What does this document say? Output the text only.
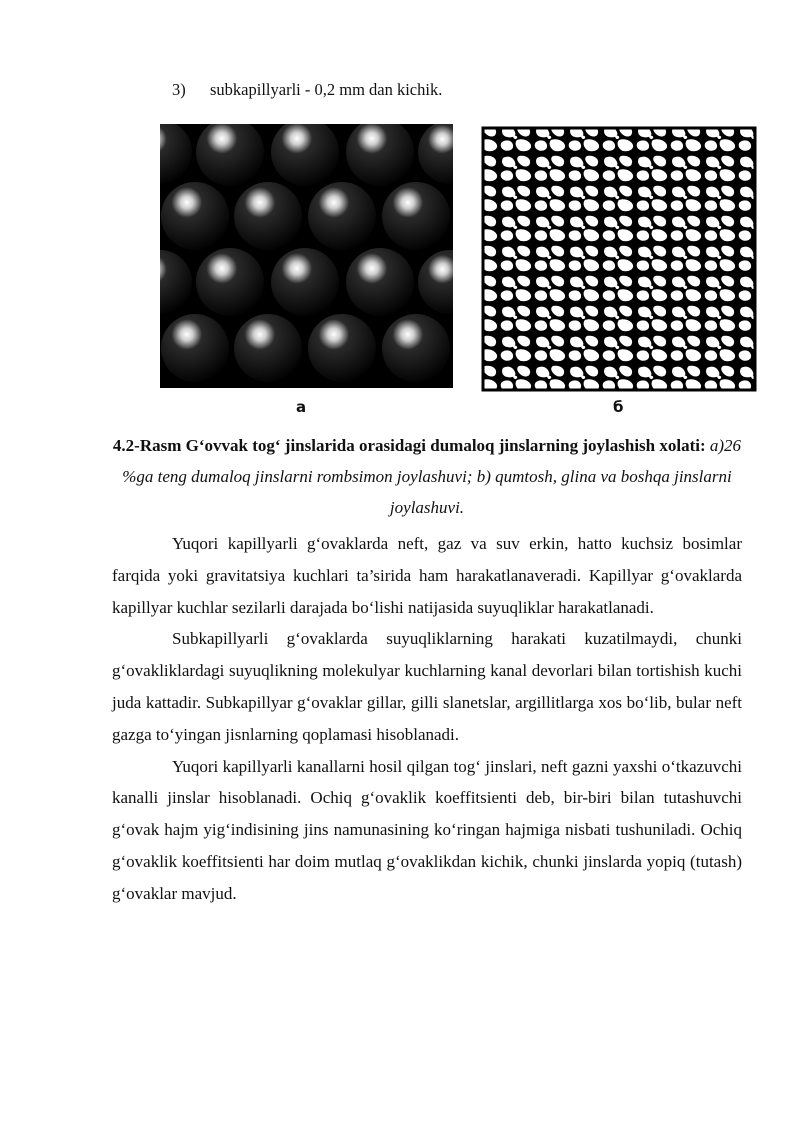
3) subkapillyarli - 0,2 mm dan kichik.
a	б
4.2-Rasm G‘ovvak tog‘ jinslarida orasidagi dumaloq jinslarning joylashish xolati: a)26 %ga teng dumaloq jinslarni rombsimon joylashuvi; b) qumtosh, glina va boshqa jinslarni joylashuvi.

Yuqori kapillyarli g‘ovaklarda neft, gaz va suv erkin, hatto kuchsiz bosimlar farqida yoki gravitatsiya kuchlari ta’sirida ham harakatlanaveradi. Kapillyar g‘ovaklarda kapillyar kuchlar sezilarli darajada bo‘lishi natijasida suyuqliklar harakatlanadi.

Subkapillyarli g‘ovaklarda suyuqliklarning harakati kuzatilmaydi, chunki g‘ovakliklardagi suyuqlikning molekulyar kuchlarning kanal devorlari bilan tortishish kuchi juda kattadir. Subkapillyar g‘ovaklar gillar, gilli slanetslar, argillitlarga xos bo‘lib, bular neft gazga to‘yingan jisnlarning qoplamasi hisoblanadi.

Yuqori kapillyarli kanallarni hosil qilgan tog‘ jinslari, neft gazni yaxshi o‘tkazuvchi kanalli jinslar hisoblanadi. Ochiq g‘ovaklik koeffitsienti deb, bir-biri bilan tutashuvchi g‘ovak hajm yig‘indisining jins namunasining ko‘ringan hajmiga nisbati tushuniladi. Ochiq g‘ovaklik koeffitsienti har doim mutlaq g‘ovaklikdan kichik, chunki jinslarda yopiq (tutash) g‘ovaklar mavjud.
